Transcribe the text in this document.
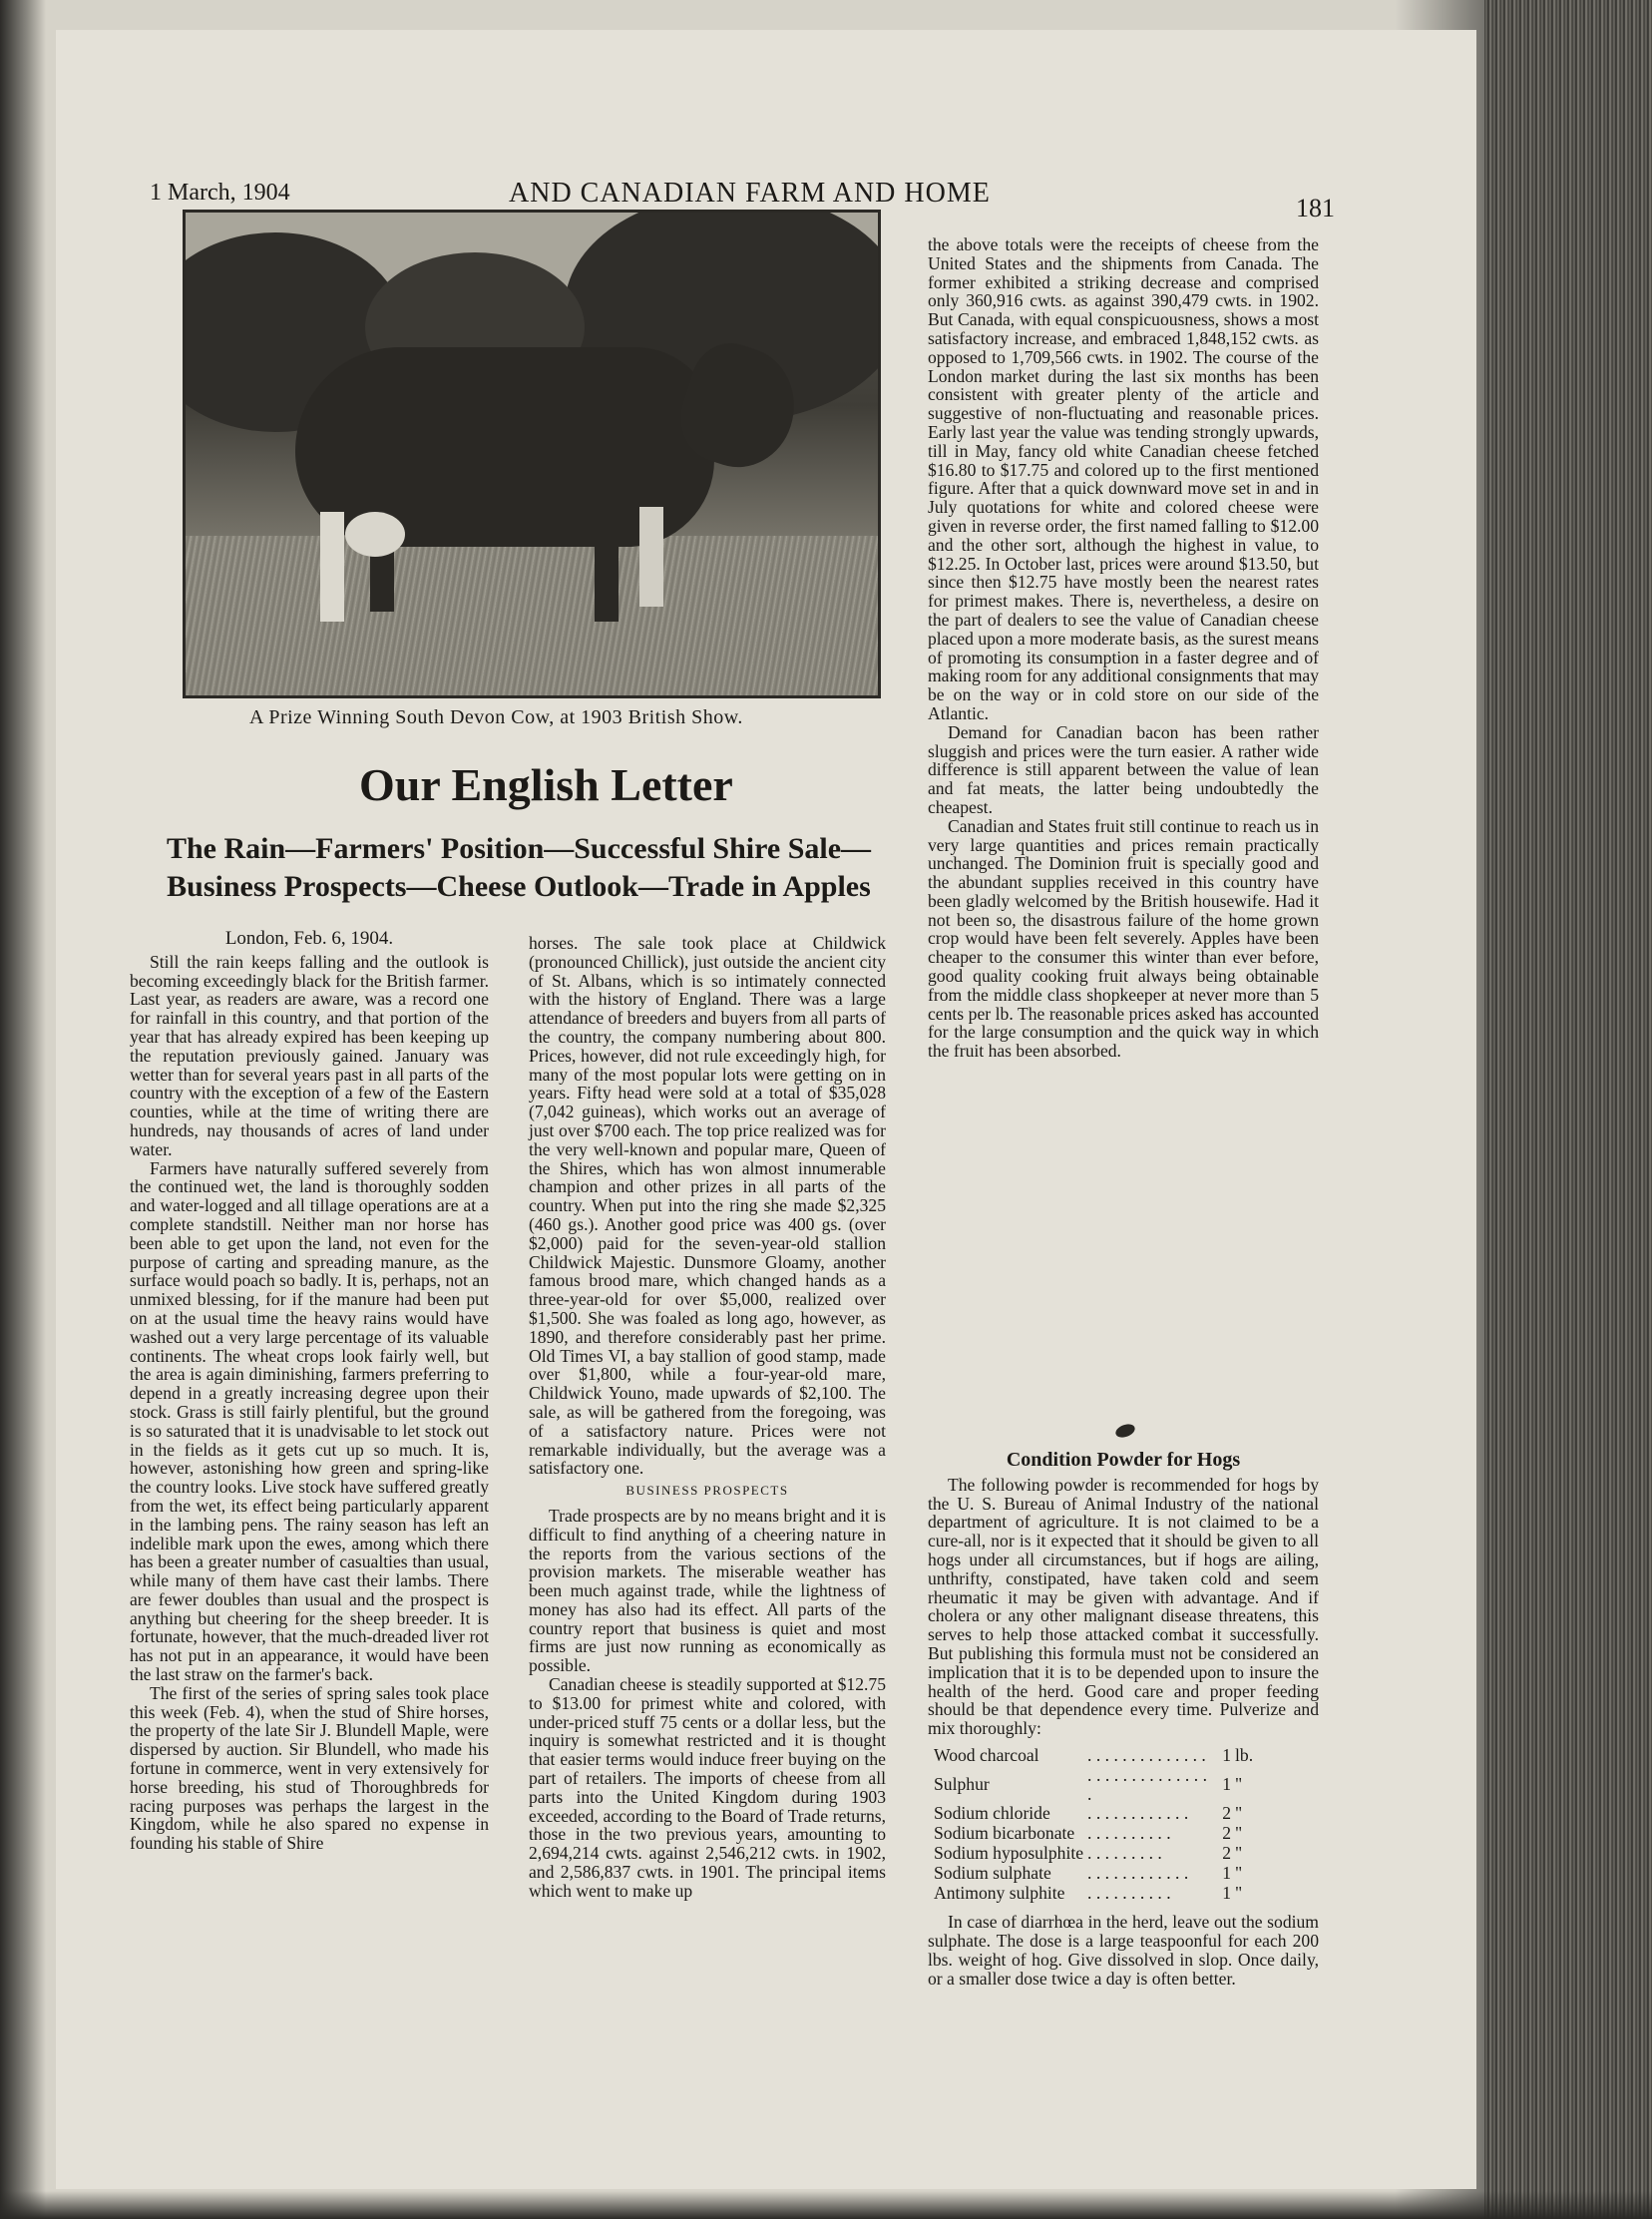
1 March, 1904	AND CANADIAN FARM AND HOME	181
A Prize Winning South Devon Cow, at 1903 British Show.
Our English Letter
The Rain—Farmers' Position—Successful Shire Sale—Business Prospects—Cheese Outlook—Trade in Apples

London, Feb. 6, 1904.

Still the rain keeps falling and the outlook is becoming exceedingly black for the British farmer. Last year, as readers are aware, was a record one for rainfall in this country, and that portion of the year that has already expired has been keeping up the reputation previously gained. January was wetter than for several years past in all parts of the country with the exception of a few of the Eastern counties, while at the time of writing there are hundreds, nay thousands of acres of land under water.

Farmers have naturally suffered severely from the continued wet, the land is thoroughly sodden and water-logged and all tillage operations are at a complete standstill. Neither man nor horse has been able to get upon the land, not even for the purpose of carting and spreading manure, as the surface would poach so badly. It is, perhaps, not an unmixed blessing, for if the manure had been put on at the usual time the heavy rains would have washed out a very large percentage of its valuable continents. The wheat crops look fairly well, but the area is again diminishing, farmers preferring to depend in a greatly increasing degree upon their stock. Grass is still fairly plentiful, but the ground is so saturated that it is unadvisable to let stock out in the fields as it gets cut up so much. It is, however, astonishing how green and spring-like the country looks. Live stock have suffered greatly from the wet, its effect being particularly apparent in the lambing pens. The rainy season has left an indelible mark upon the ewes, among which there has been a greater number of casualties than usual, while many of them have cast their lambs. There are fewer doubles than usual and the prospect is anything but cheering for the sheep breeder. It is fortunate, however, that the much-dreaded liver rot has not put in an appearance, it would have been the last straw on the farmer's back.

The first of the series of spring sales took place this week (Feb. 4), when the stud of Shire horses, the property of the late Sir J. Blundell Maple, were dispersed by auction. Sir Blundell, who made his fortune in commerce, went in very extensively for horse breeding, his stud of Thoroughbreds for racing purposes was perhaps the largest in the Kingdom, while he also spared no expense in founding his stable of Shire

horses. The sale took place at Childwick (pronounced Chillick), just outside the ancient city of St. Albans, which is so intimately connected with the history of England. There was a large attendance of breeders and buyers from all parts of the country, the company numbering about 800. Prices, however, did not rule exceedingly high, for many of the most popular lots were getting on in years. Fifty head were sold at a total of $35,028 (7,042 guineas), which works out an average of just over $700 each. The top price realized was for the very well-known and popular mare, Queen of the Shires, which has won almost innumerable champion and other prizes in all parts of the country. When put into the ring she made $2,325 (460 gs.). Another good price was 400 gs. (over $2,000) paid for the seven-year-old stallion Childwick Majestic. Dunsmore Gloamy, another famous brood mare, which changed hands as a three-year-old for over $5,000, realized over $1,500. She was foaled as long ago, however, as 1890, and therefore considerably past her prime. Old Times VI, a bay stallion of good stamp, made over $1,800, while a four-year-old mare, Childwick Youno, made upwards of $2,100. The sale, as will be gathered from the foregoing, was of a satisfactory nature. Prices were not remarkable individually, but the average was a satisfactory one.

BUSINESS PROSPECTS

Trade prospects are by no means bright and it is difficult to find anything of a cheering nature in the reports from the various sections of the provision markets. The miserable weather has been much against trade, while the lightness of money has also had its effect. All parts of the country report that business is quiet and most firms are just now running as economically as possible.

Canadian cheese is steadily supported at $12.75 to $13.00 for primest white and colored, with under-priced stuff 75 cents or a dollar less, but the inquiry is somewhat restricted and it is thought that easier terms would induce freer buying on the part of retailers. The imports of cheese from all parts into the United Kingdom during 1903 exceeded, according to the Board of Trade returns, those in the two previous years, amounting to 2,694,214 cwts. against 2,546,212 cwts. in 1902, and 2,586,837 cwts. in 1901. The principal items which went to make up

the above totals were the receipts of cheese from the United States and the shipments from Canada. The former exhibited a striking decrease and comprised only 360,916 cwts. as against 390,479 cwts. in 1902. But Canada, with equal conspicuousness, shows a most satisfactory increase, and embraced 1,848,152 cwts. as opposed to 1,709,566 cwts. in 1902. The course of the London market during the last six months has been consistent with greater plenty of the article and suggestive of non-fluctuating and reasonable prices. Early last year the value was tending strongly upwards, till in May, fancy old white Canadian cheese fetched $16.80 to $17.75 and colored up to the first mentioned figure. After that a quick downward move set in and in July quotations for white and colored cheese were given in reverse order, the first named falling to $12.00 and the other sort, although the highest in value, to $12.25. In October last, prices were around $13.50, but since then $12.75 have mostly been the nearest rates for primest makes. There is, nevertheless, a desire on the part of dealers to see the value of Canadian cheese placed upon a more moderate basis, as the surest means of promoting its consumption in a faster degree and of making room for any additional consignments that may be on the way or in cold store on our side of the Atlantic.

Demand for Canadian bacon has been rather sluggish and prices were the turn easier. A rather wide difference is still apparent between the value of lean and fat meats, the latter being undoubtedly the cheapest.

Canadian and States fruit still continue to reach us in very large quantities and prices remain practically unchanged. The Dominion fruit is specially good and the abundant supplies received in this country have been gladly welcomed by the British housewife. Had it not been so, the disastrous failure of the home grown crop would have been felt severely. Apples have been cheaper to the consumer this winter than ever before, good quality cooking fruit always being obtainable from the middle class shopkeeper at never more than 5 cents per lb. The reasonable prices asked has accounted for the large consumption and the quick way in which the fruit has been absorbed.

Condition Powder for Hogs

The following powder is recommended for hogs by the U. S. Bureau of Animal Industry of the national department of agriculture. It is not claimed to be a cure-all, nor is it expected that it should be given to all hogs under all circumstances, but if hogs are ailing, unthrifty, constipated, have taken cold and seem rheumatic it may be given with advantage. And if cholera or any other malignant disease threatens, this serves to help those attacked combat it successfully. But publishing this formula must not be considered an implication that it is to be depended upon to insure the health of the herd. Good care and proper feeding should be that dependence every time. Pulverize and mix thoroughly:

Wood charcoal	. . . . . . . . . . . . . .	1	lb.
Sulphur	. . . . . . . . . . . . . . .	1	"
Sodium chloride	. . . . . . . . . . . .	2	"
Sodium bicarbonate	. . . . . . . . . .	2	"
Sodium hyposulphite	. . . . . . . . .	2	"
Sodium sulphate	. . . . . . . . . . . .	1	"
Antimony sulphite	. . . . . . . . . .	1	"

In case of diarrhœa in the herd, leave out the sodium sulphate. The dose is a large teaspoonful for each 200 lbs. weight of hog. Give dissolved in slop. Once daily, or a smaller dose twice a day is often better.
